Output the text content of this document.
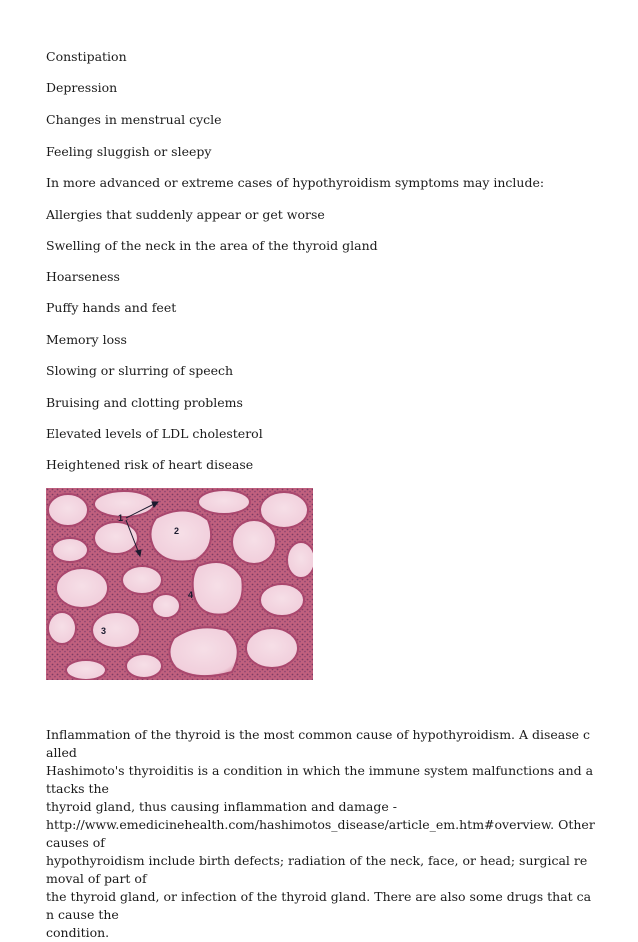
Constipation
Depression
Changes in menstrual cycle
Feeling sluggish or sleepy
In more advanced or extreme cases of hypothyroidism symptoms may include:
Allergies that suddenly appear or get worse
Swelling of the neck in the area of the thyroid gland
Hoarseness
Puffy hands and feet
Memory loss
Slowing or slurring of speech
Bruising and clotting problems
Elevated levels of LDL cholesterol
Heightened risk of heart disease
1
2
3
4
Inflammation of the thyroid is the most common cause of hypothyroidism. A disease called
Hashimoto's thyroiditis is a condition in which the immune system malfunctions and attacks the
thyroid gland, thus causing inflammation and damage -
http://www.emedicinehealth.com/hashimotos_disease/article_em.htm#overview. Other causes of
hypothyroidism include birth defects; radiation of the neck, face, or head; surgical removal of part of
the thyroid gland, or infection of the thyroid gland. There are also some drugs that can cause the
condition.
